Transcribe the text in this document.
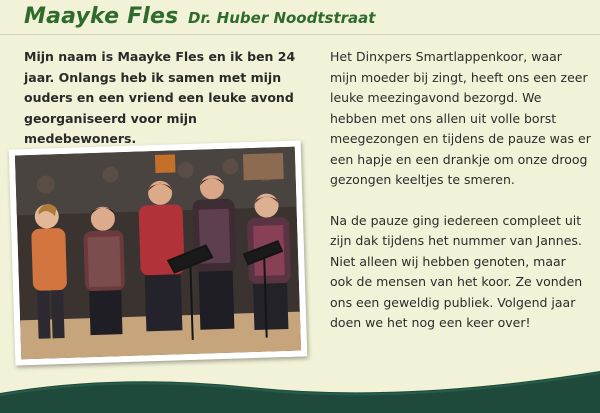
Maayke Fles Dr. Huber Noodtstraat

Mijn naam is Maayke Fles en ik ben 24 jaar. Onlangs heb ik samen met mijn ouders en een vriend een leuke avond georganiseerd voor mijn medebewoners.

Het Dinxpers Smartlappenkoor, waar mijn moeder bij zingt, heeft ons een zeer leuke meezingavond bezorgd. We hebben met ons allen uit volle borst meegezongen en tijdens de pauze was er een hapje en een drankje om onze droog gezongen keeltjes te smeren.

Na de pauze ging iedereen compleet uit zijn dak tijdens het nummer van Jannes. Niet alleen wij hebben genoten, maar ook de mensen van het koor. Ze vonden ons een geweldig publiek. Volgend jaar doen we het nog een keer over!
